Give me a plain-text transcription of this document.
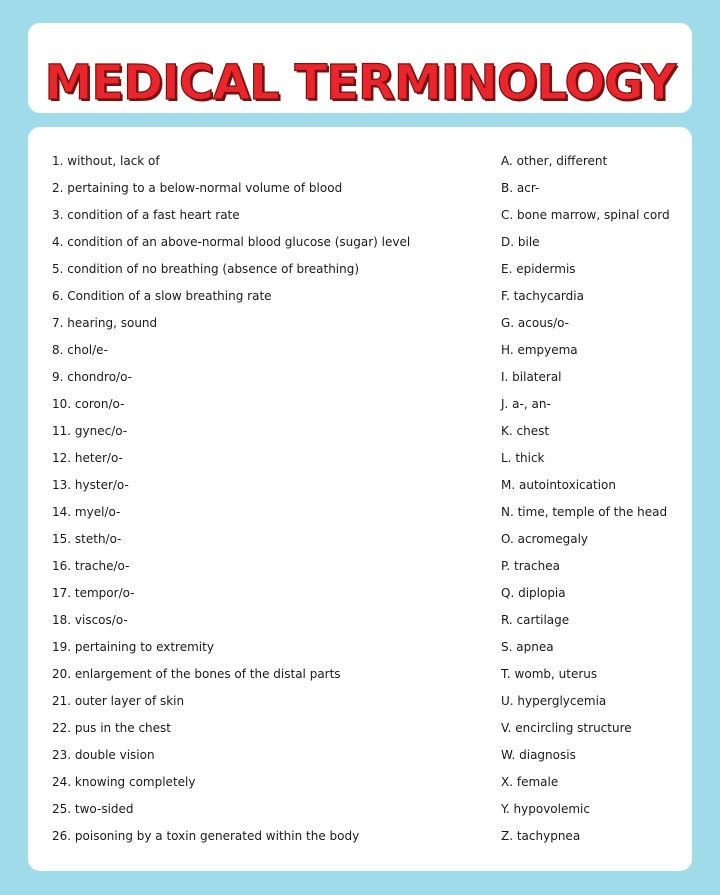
MEDICAL TERMINOLOGY
1. without, lack of
2. pertaining to a below-normal volume of blood
3. condition of a fast heart rate
4. condition of an above-normal blood glucose (sugar) level
5. condition of no breathing (absence of breathing)
6. Condition of a slow breathing rate
7. hearing, sound
8. chol/e-
9. chondro/o-
10. coron/o-
11. gynec/o-
12. heter/o-
13. hyster/o-
14. myel/o-
15. steth/o-
16. trache/o-
17. tempor/o-
18. viscos/o-
19. pertaining to extremity
20. enlargement of the bones of the distal parts
21. outer layer of skin
22. pus in the chest
23. double vision
24. knowing completely
25. two-sided
26. poisoning by a toxin generated within the body
A. other, different
B. acr-
C. bone marrow, spinal cord
D. bile
E. epidermis
F. tachycardia
G. acous/o-
H. empyema
I. bilateral
J. a-, an-
K. chest
L. thick
M. autointoxication
N. time, temple of the head
O. acromegaly
P. trachea
Q. diplopia
R. cartilage
S. apnea
T. womb, uterus
U. hyperglycemia
V. encircling structure
W. diagnosis
X. female
Y. hypovolemic
Z. tachypnea
